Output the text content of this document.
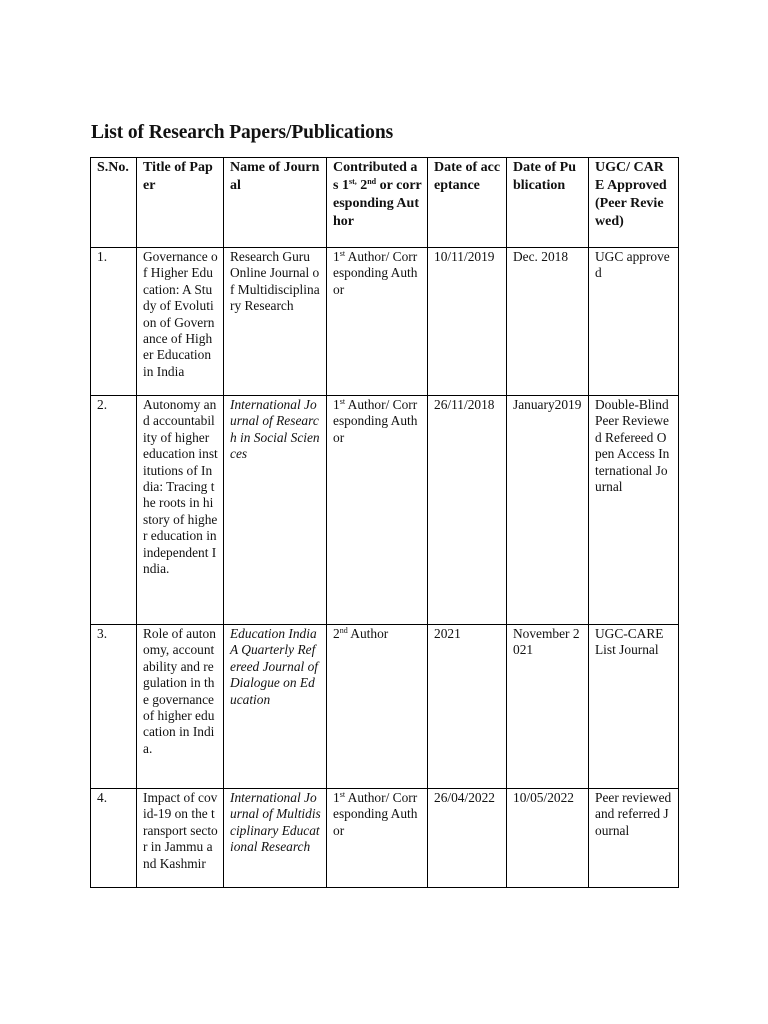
List of Research Papers/Publications
S.No.	Title of Paper	Name of Journal	Contributed as $1^{st,}$ 2nd or corresponding Author	Date of acceptance	Date of Publication	UGC/ CARE Approved (Peer Reviewed)
1.	Governance of Higher Education: A Study of Evolution of Governance of Higher Education in India	Research Guru Online Journal of Multidisciplinary Research	1st Author/ Corresponding Author	10/11/2019	Dec. 2018	UGC approved
2.	Autonomy and accountability of higher education institutions of India: Tracing the roots in history of higher education in independent India.	International Journal of Research in Social Sciences	1st Author/ Corresponding Author	26/11/2018	January2019	Double-Blind Peer Reviewed Refereed Open Access International Journal
3.	Role of autonomy, accountability and regulation in the governance of higher education in India.	Education India A Quarterly Refereed Journal of Dialogue on Education	2nd Author	2021	November 2021	UGC-CARE List Journal
4.	Impact of covid-19 on the transport sector in Jammu and Kashmir	International Journal of Multidisciplinary Educational Research	1st Author/ Corresponding Author	26/04/2022	10/05/2022	Peer reviewed and referred Journal
